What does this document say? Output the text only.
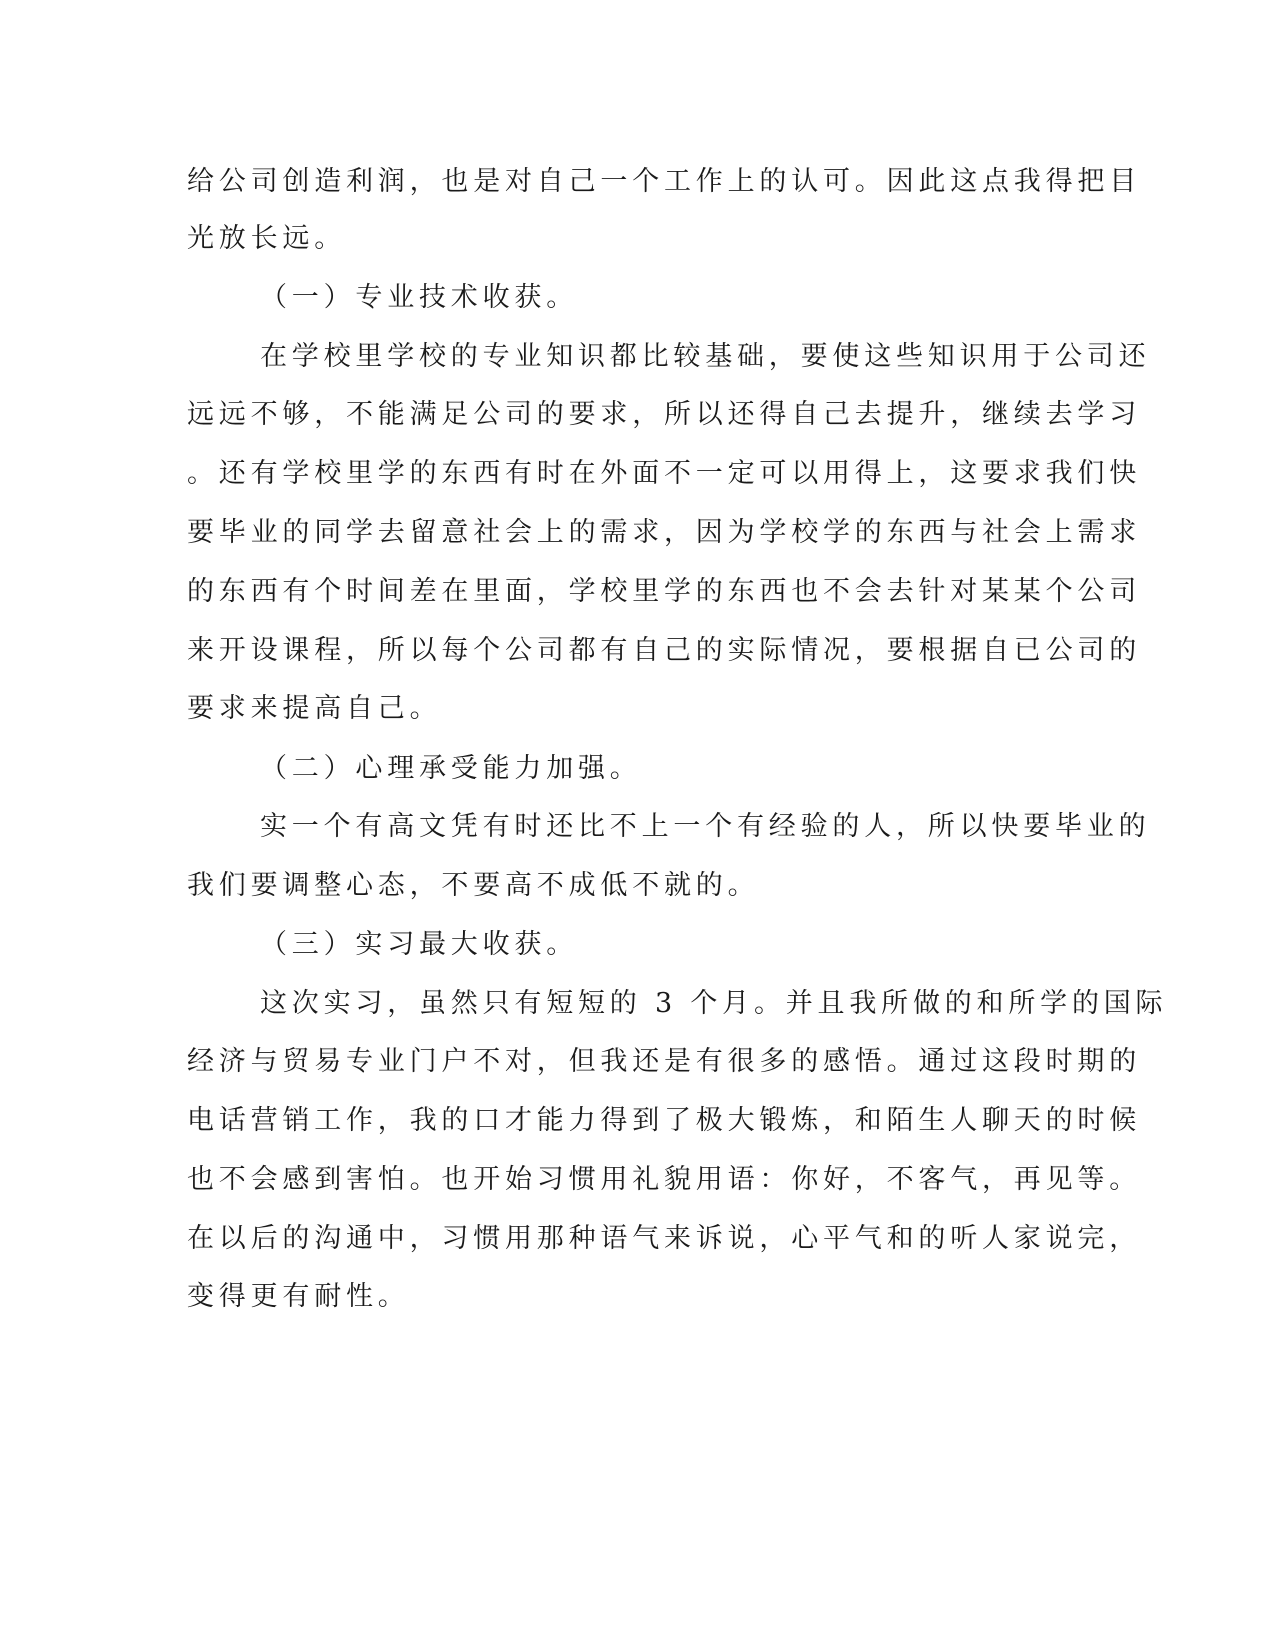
给公司创造利润，也是对自己一个工作上的认可。因此这点我得把目
光放长远。
（一）专业技术收获。
在学校里学校的专业知识都比较基础，要使这些知识用于公司还
远远不够，不能满足公司的要求，所以还得自己去提升，继续去学习
。还有学校里学的东西有时在外面不一定可以用得上，这要求我们快
要毕业的同学去留意社会上的需求，因为学校学的东西与社会上需求
的东西有个时间差在里面，学校里学的东西也不会去针对某某个公司
来开设课程，所以每个公司都有自己的实际情况，要根据自已公司的
要求来提高自己。
（二）心理承受能力加强。
实一个有高文凭有时还比不上一个有经验的人，所以快要毕业的
我们要调整心态，不要高不成低不就的。
（三）实习最大收获。
这次实习，虽然只有短短的 3 个月。并且我所做的和所学的国际
经济与贸易专业门户不对，但我还是有很多的感悟。通过这段时期的
电话营销工作，我的口才能力得到了极大锻炼，和陌生人聊天的时候
也不会感到害怕。也开始习惯用礼貌用语：你好，不客气，再见等。
在以后的沟通中，习惯用那种语气来诉说，心平气和的听人家说完，
变得更有耐性。
